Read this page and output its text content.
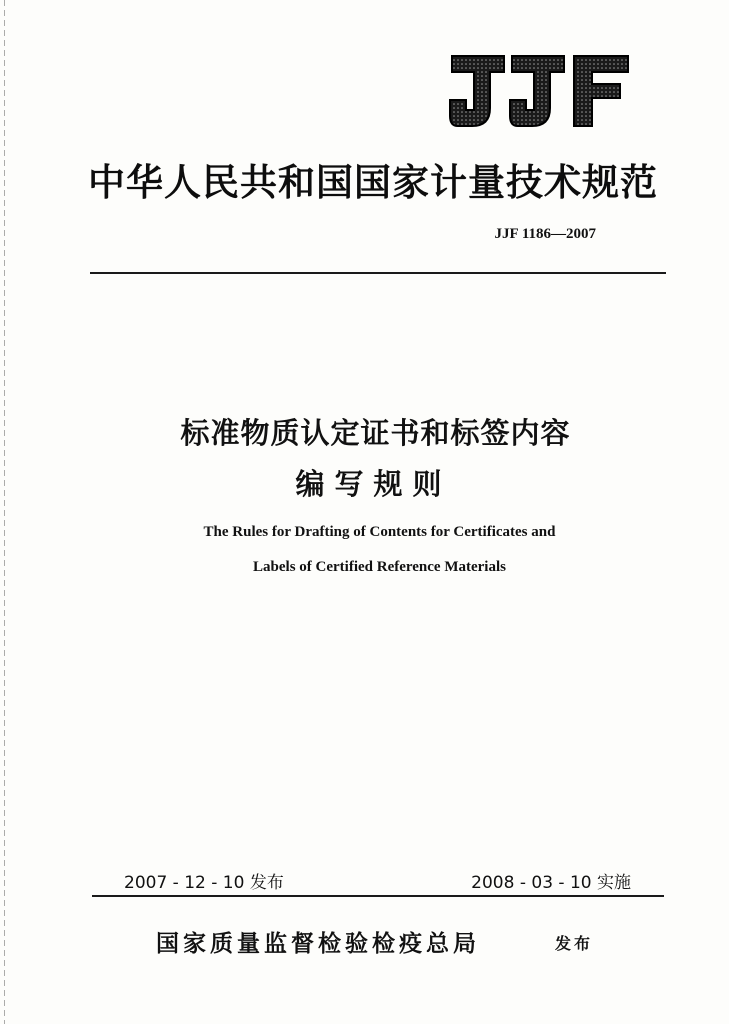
中华人民共和国国家计量技术规范
JJF 1186—2007
标准物质认定证书和标签内容
编写规则
The Rules for Drafting of Contents for Certificates and
Labels of Certified Reference Materials
2007 - 12 - 10 发布	2008 - 03 - 10 实施
国家质量监督检验检疫总局	发布
